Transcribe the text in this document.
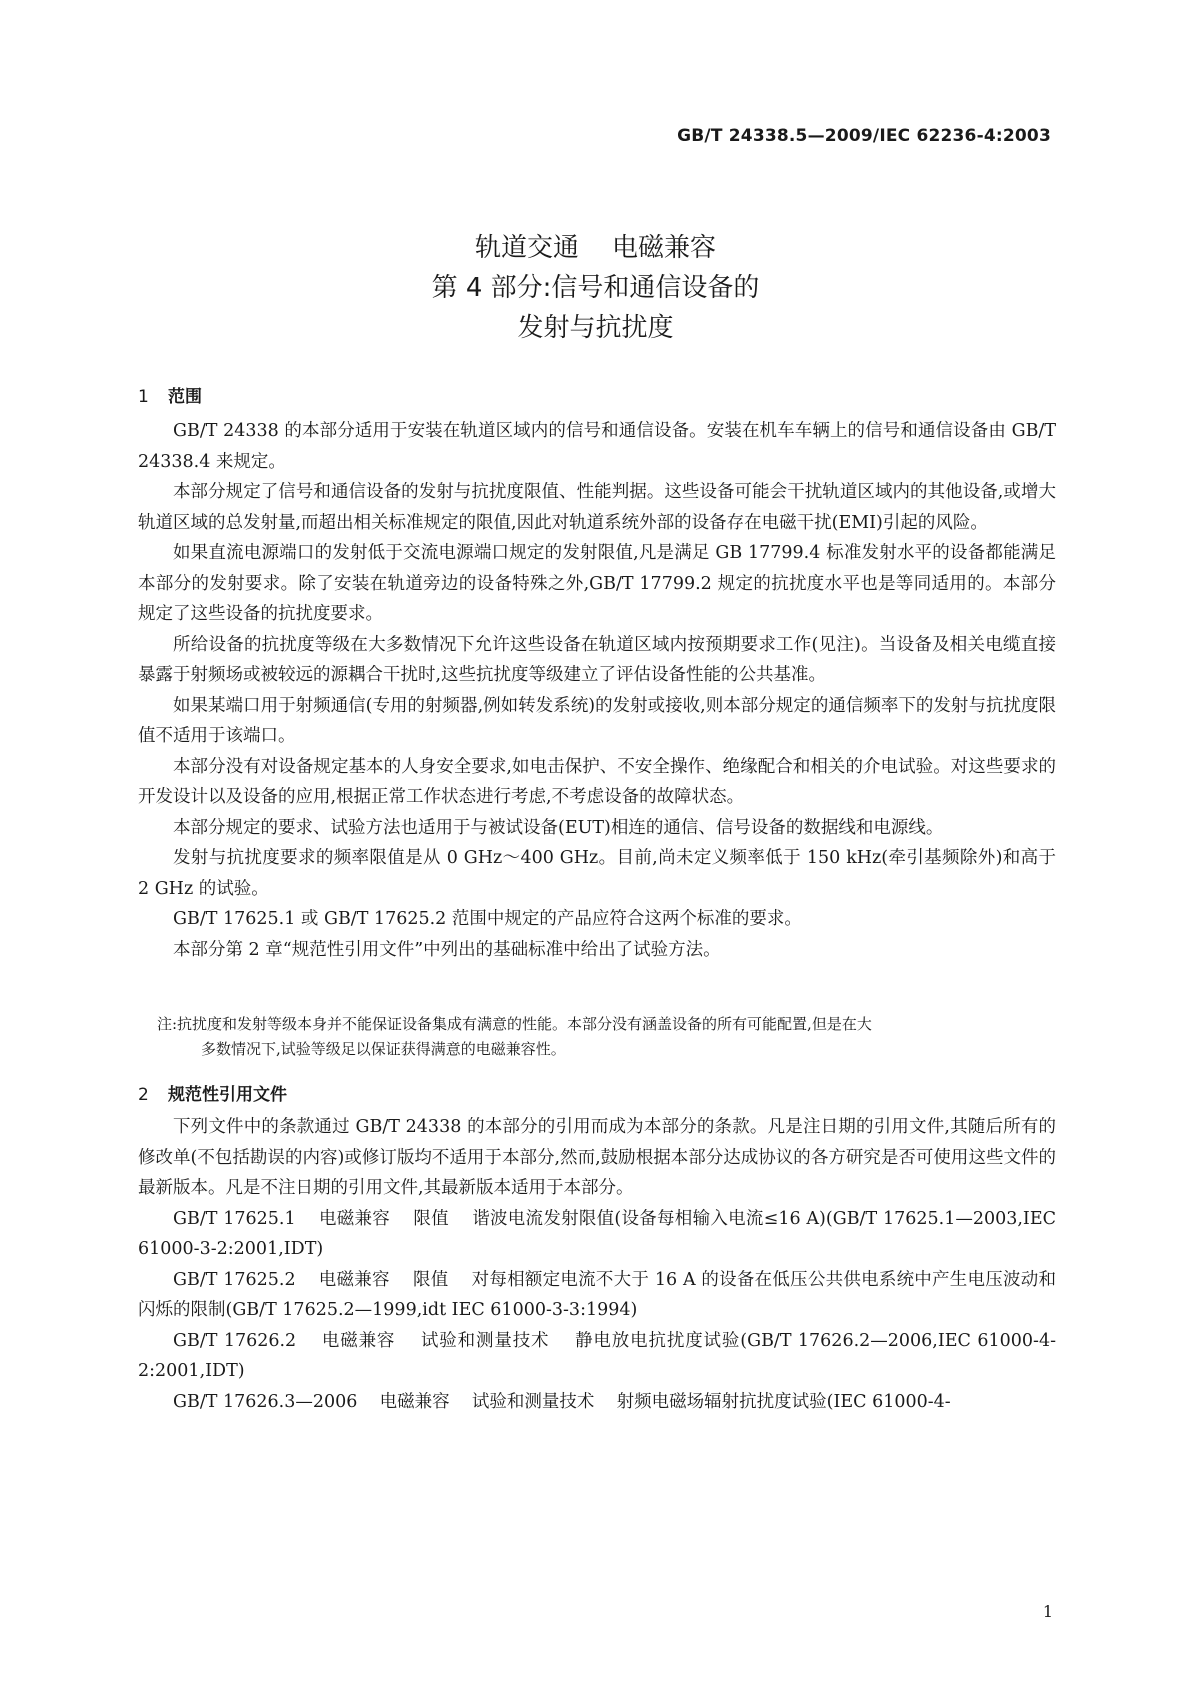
GB/T 24338.5—2009/IEC 62236-4:2003
轨道交通    电磁兼容
第 4 部分:信号和通信设备的
发射与抗扰度
1 范围

GB/T 24338 的本部分适用于安装在轨道区域内的信号和通信设备。安装在机车车辆上的信号和通信设备由 GB/T 24338.4 来规定。

本部分规定了信号和通信设备的发射与抗扰度限值、性能判据。这些设备可能会干扰轨道区域内的其他设备,或增大轨道区域的总发射量,而超出相关标准规定的限值,因此对轨道系统外部的设备存在电磁干扰(EMI)引起的风险。

如果直流电源端口的发射低于交流电源端口规定的发射限值,凡是满足 GB 17799.4 标准发射水平的设备都能满足本部分的发射要求。除了安装在轨道旁边的设备特殊之外,GB/T 17799.2 规定的抗扰度水平也是等同适用的。本部分规定了这些设备的抗扰度要求。

所给设备的抗扰度等级在大多数情况下允许这些设备在轨道区域内按预期要求工作(见注)。当设备及相关电缆直接暴露于射频场或被较远的源耦合干扰时,这些抗扰度等级建立了评估设备性能的公共基准。

如果某端口用于射频通信(专用的射频器,例如转发系统)的发射或接收,则本部分规定的通信频率下的发射与抗扰度限值不适用于该端口。

本部分没有对设备规定基本的人身安全要求,如电击保护、不安全操作、绝缘配合和相关的介电试验。对这些要求的开发设计以及设备的应用,根据正常工作状态进行考虑,不考虑设备的故障状态。

本部分规定的要求、试验方法也适用于与被试设备(EUT)相连的通信、信号设备的数据线和电源线。

发射与抗扰度要求的频率限值是从 0 GHz～400 GHz。目前,尚未定义频率低于 150 kHz(牵引基频除外)和高于 2 GHz 的试验。

GB/T 17625.1 或 GB/T 17625.2 范围中规定的产品应符合这两个标准的要求。

本部分第 2 章“规范性引用文件”中列出的基础标准中给出了试验方法。

注:抗扰度和发射等级本身并不能保证设备集成有满意的性能。本部分没有涵盖设备的所有可能配置,但是在大
多数情况下,试验等级足以保证获得满意的电磁兼容性。
2 规范性引用文件

下列文件中的条款通过 GB/T 24338 的本部分的引用而成为本部分的条款。凡是注日期的引用文件,其随后所有的修改单(不包括勘误的内容)或修订版均不适用于本部分,然而,鼓励根据本部分达成协议的各方研究是否可使用这些文件的最新版本。凡是不注日期的引用文件,其最新版本适用于本部分。

GB/T 17625.1    电磁兼容    限值    谐波电流发射限值(设备每相输入电流≤16 A)(GB/T 17625.1—2003,IEC 61000-3-2:2001,IDT)

GB/T 17625.2    电磁兼容    限值    对每相额定电流不大于 16 A 的设备在低压公共供电系统中产生电压波动和闪烁的限制(GB/T 17625.2—1999,idt IEC 61000-3-3:1994)

GB/T 17626.2    电磁兼容    试验和测量技术    静电放电抗扰度试验(GB/T 17626.2—2006,IEC 61000-4-2:2001,IDT)

GB/T 17626.3—2006    电磁兼容    试验和测量技术    射频电磁场辐射抗扰度试验(IEC 61000-4-

1
